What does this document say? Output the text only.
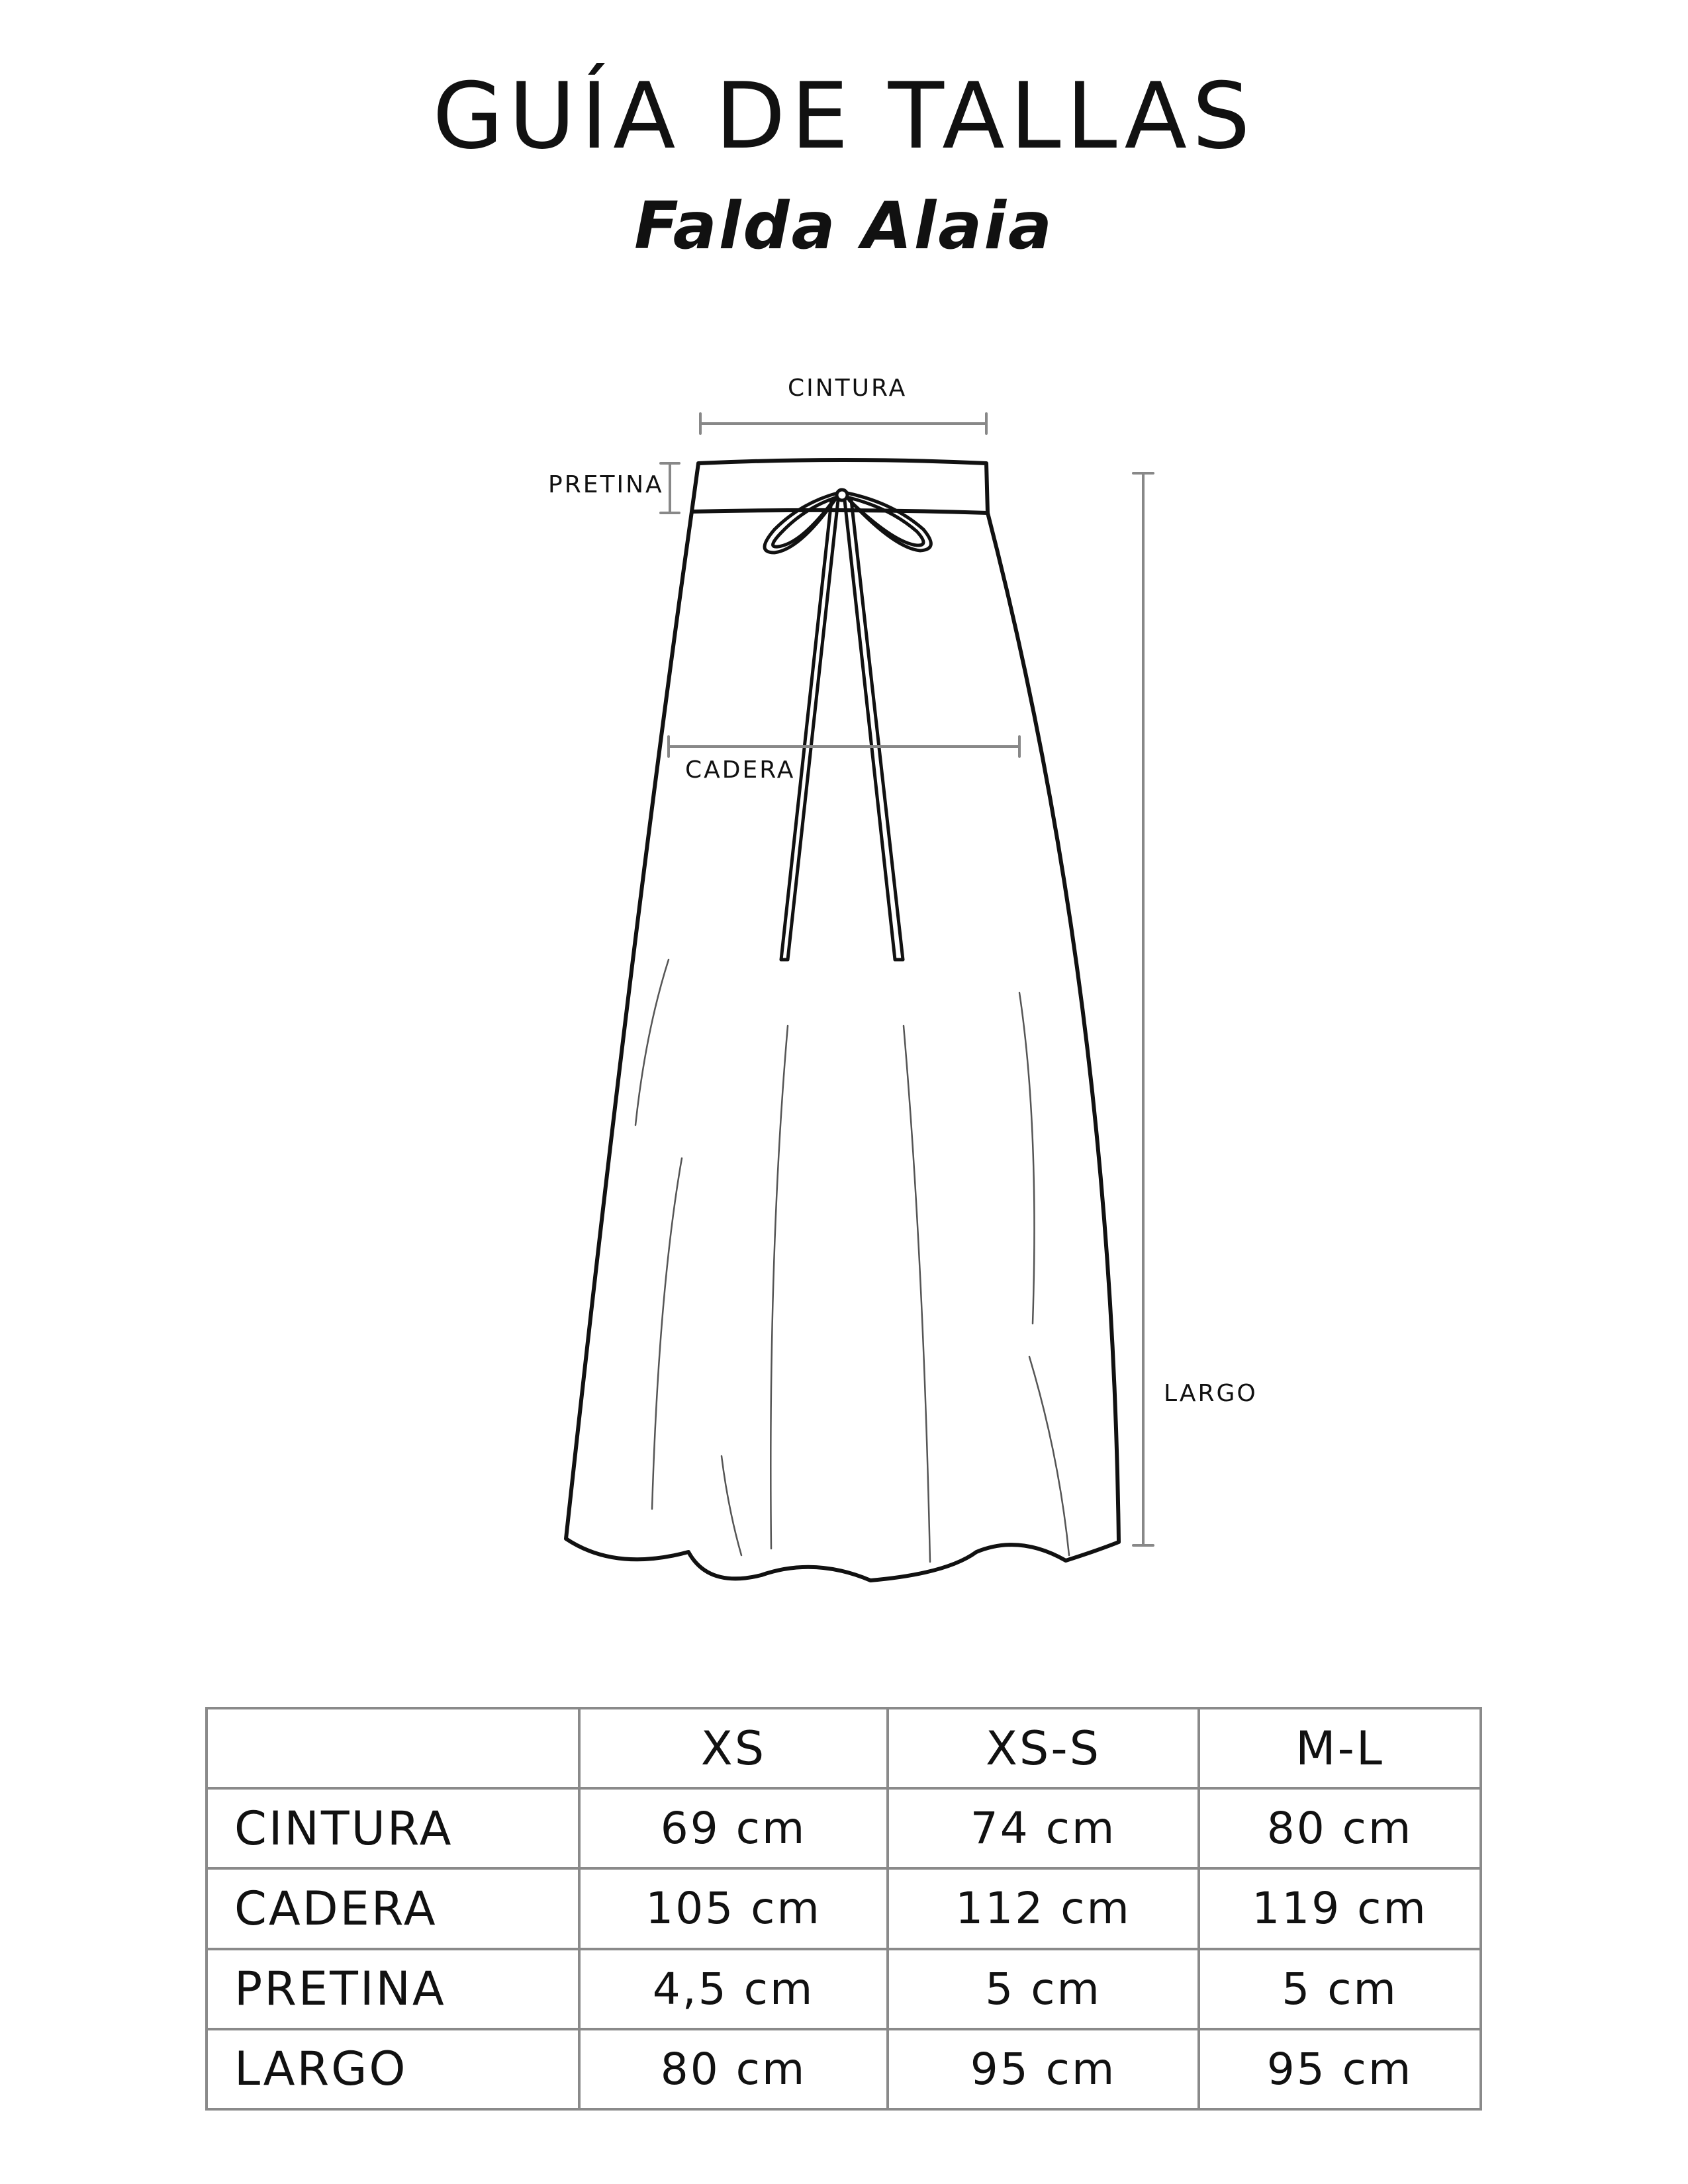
GUÍA DE TALLAS
Falda Alaia
CINTURA
PRETINA
CADERA
LARGO
	XS	XS-S	M-L
CINTURA	69 cm	74 cm	80 cm
CADERA	105 cm	112 cm	119 cm
PRETINA	4,5 cm	5 cm	5 cm
LARGO	80 cm	95 cm	95 cm
